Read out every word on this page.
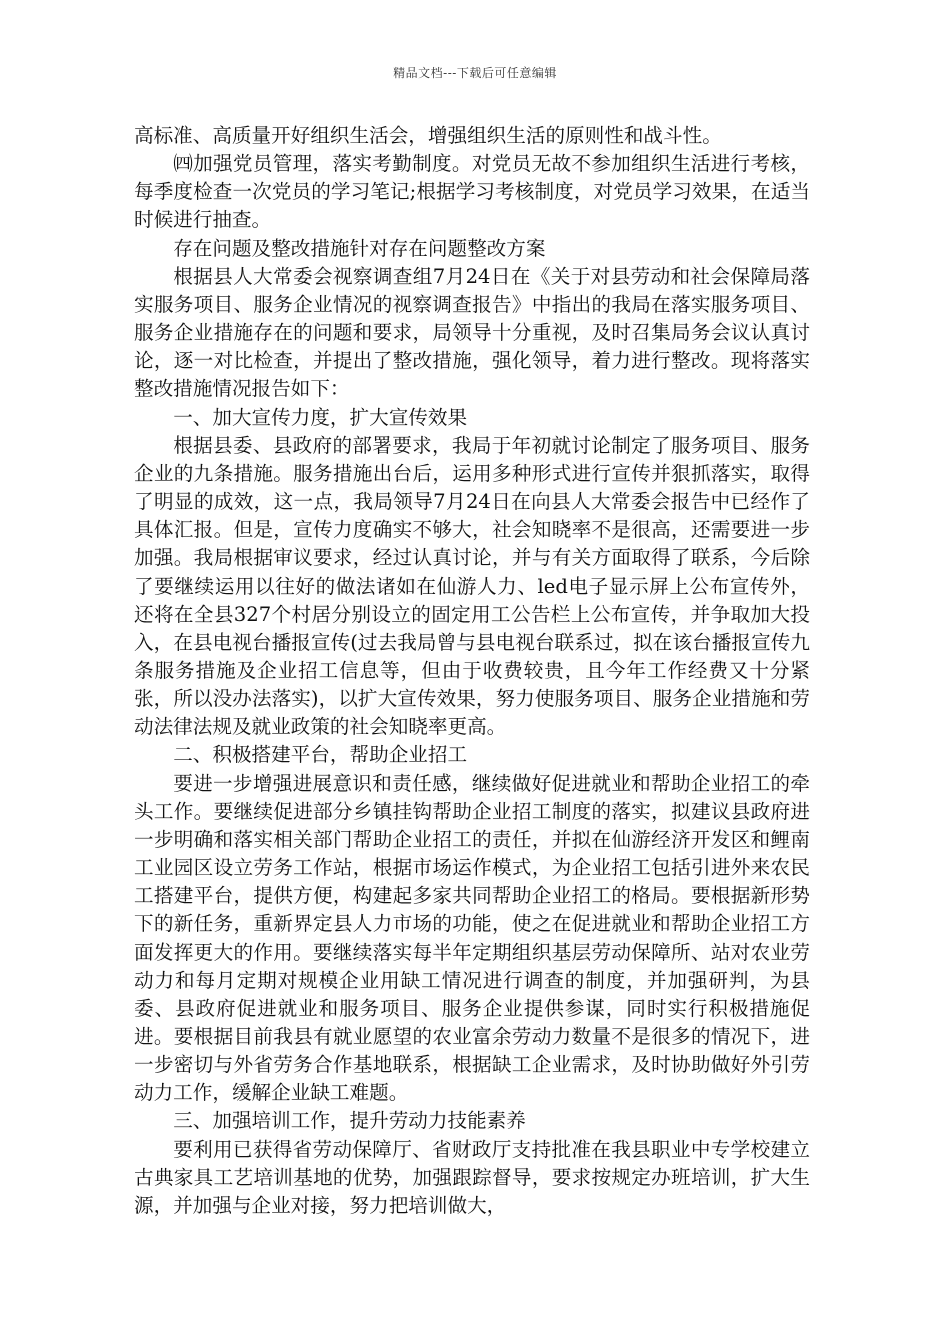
精品文档---下载后可任意编辑

高标准、高质量开好组织生活会，增强组织生活的原则性和战斗性。

㈣加强党员管理，落实考勤制度。对党员无故不参加组织生活进行考核，每季度检查一次党员的学习笔记;根据学习考核制度，对党员学习效果，在适当时候进行抽查。

存在问题及整改措施针对存在问题整改方案

根据县人大常委会视察调查组7月24日在《关于对县劳动和社会保障局落实服务项目、服务企业情况的视察调查报告》中指出的我局在落实服务项目、服务企业措施存在的问题和要求，局领导十分重视，及时召集局务会议认真讨论，逐一对比检查，并提出了整改措施，强化领导，着力进行整改。现将落实整改措施情况报告如下：

一、加大宣传力度，扩大宣传效果

根据县委、县政府的部署要求，我局于年初就讨论制定了服务项目、服务企业的九条措施。服务措施出台后，运用多种形式进行宣传并狠抓落实，取得了明显的成效，这一点，我局领导7月24日在向县人大常委会报告中已经作了具体汇报。但是，宣传力度确实不够大，社会知晓率不是很高，还需要进一步加强。我局根据审议要求，经过认真讨论，并与有关方面取得了联系，今后除了要继续运用以往好的做法诸如在仙游人力、led电子显示屏上公布宣传外，还将在全县327个村居分别设立的固定用工公告栏上公布宣传，并争取加大投入，在县电视台播报宣传(过去我局曾与县电视台联系过，拟在该台播报宣传九条服务措施及企业招工信息等，但由于收费较贵，且今年工作经费又十分紧张，所以没办法落实)，以扩大宣传效果，努力使服务项目、服务企业措施和劳动法律法规及就业政策的社会知晓率更高。

二、积极搭建平台，帮助企业招工

要进一步增强进展意识和责任感，继续做好促进就业和帮助企业招工的牵头工作。要继续促进部分乡镇挂钩帮助企业招工制度的落实，拟建议县政府进一步明确和落实相关部门帮助企业招工的责任，并拟在仙游经济开发区和鲤南工业园区设立劳务工作站，根据市场运作模式，为企业招工包括引进外来农民工搭建平台，提供方便，构建起多家共同帮助企业招工的格局。要根据新形势下的新任务，重新界定县人力市场的功能，使之在促进就业和帮助企业招工方面发挥更大的作用。要继续落实每半年定期组织基层劳动保障所、站对农业劳动力和每月定期对规模企业用缺工情况进行调查的制度，并加强研判，为县委、县政府促进就业和服务项目、服务企业提供参谋，同时实行积极措施促进。要根据目前我县有就业愿望的农业富余劳动力数量不是很多的情况下，进一步密切与外省劳务合作基地联系，根据缺工企业需求，及时协助做好外引劳动力工作，缓解企业缺工难题。

三、加强培训工作，提升劳动力技能素养

要利用已获得省劳动保障厅、省财政厅支持批准在我县职业中专学校建立古典家具工艺培训基地的优势，加强跟踪督导，要求按规定办班培训，扩大生源，并加强与企业对接，努力把培训做大，
